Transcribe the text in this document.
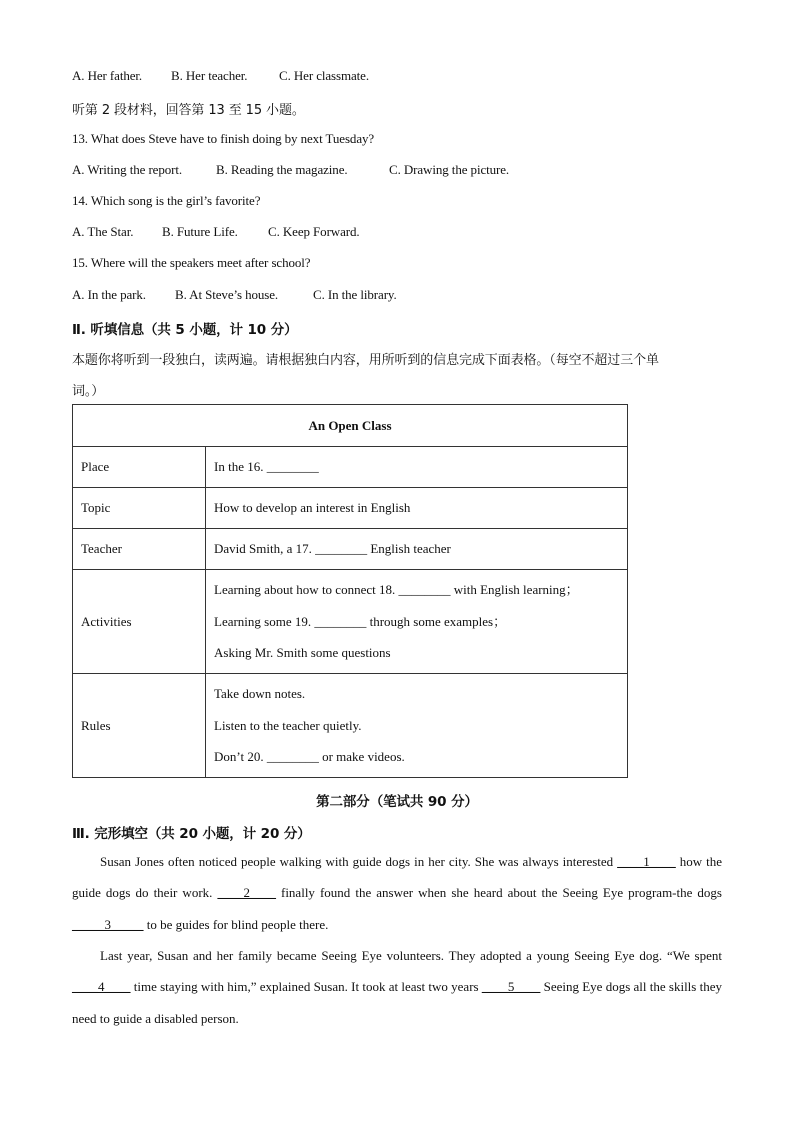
A. Her father. B. Her teacher. C. Her classmate.
听第 2 段材料，回答第 13 至 15 小题。
13. What does Steve have to finish doing by next Tuesday?
A. Writing the report.	B. Reading the magazine.	C. Drawing the picture.
14. Which song is the girl’s favorite?
A. The Star. B. Future Life. C. Keep Forward.
15. Where will the speakers meet after school?
A. In the park. B. At Steve’s house.	C. In the library.
Ⅱ. 听填信息（共 5 小题，计 10 分）
本题你将听到一段独白，读两遍。请根据独白内容，用所听到的信息完成下面表格。（每空不超过三个单
词。）
An Open Class	
Place	In the 16. ________
Topic	How to develop an interest in English
Teacher	David Smith, a 17. ________ English teacher
Activities	Learning about how to connect 18. ________ with English learning；
Learning some 19. ________ through some examples；
Asking Mr. Smith some questions

Rules	Take down notes.
Listen to the teacher quietly.
Don’t 20. ________ or make videos.
第二部分（笔试共 90 分）
Ⅲ. 完形填空（共 20 小题，计 20 分）
Susan Jones often noticed people walking with guide dogs in her city. She was always interested ____1____ how the guide dogs do their work. ____2____ finally found the answer when she heard about the Seeing Eye program-the dogs _____3_____ to be guides for blind people there.
Last year, Susan and her family became Seeing Eye volunteers. They adopted a young Seeing Eye dog. “We spent ____4____ time staying with him,” explained Susan. It took at least two years ____5____ Seeing Eye dogs all the skills they need to guide a disabled person.
